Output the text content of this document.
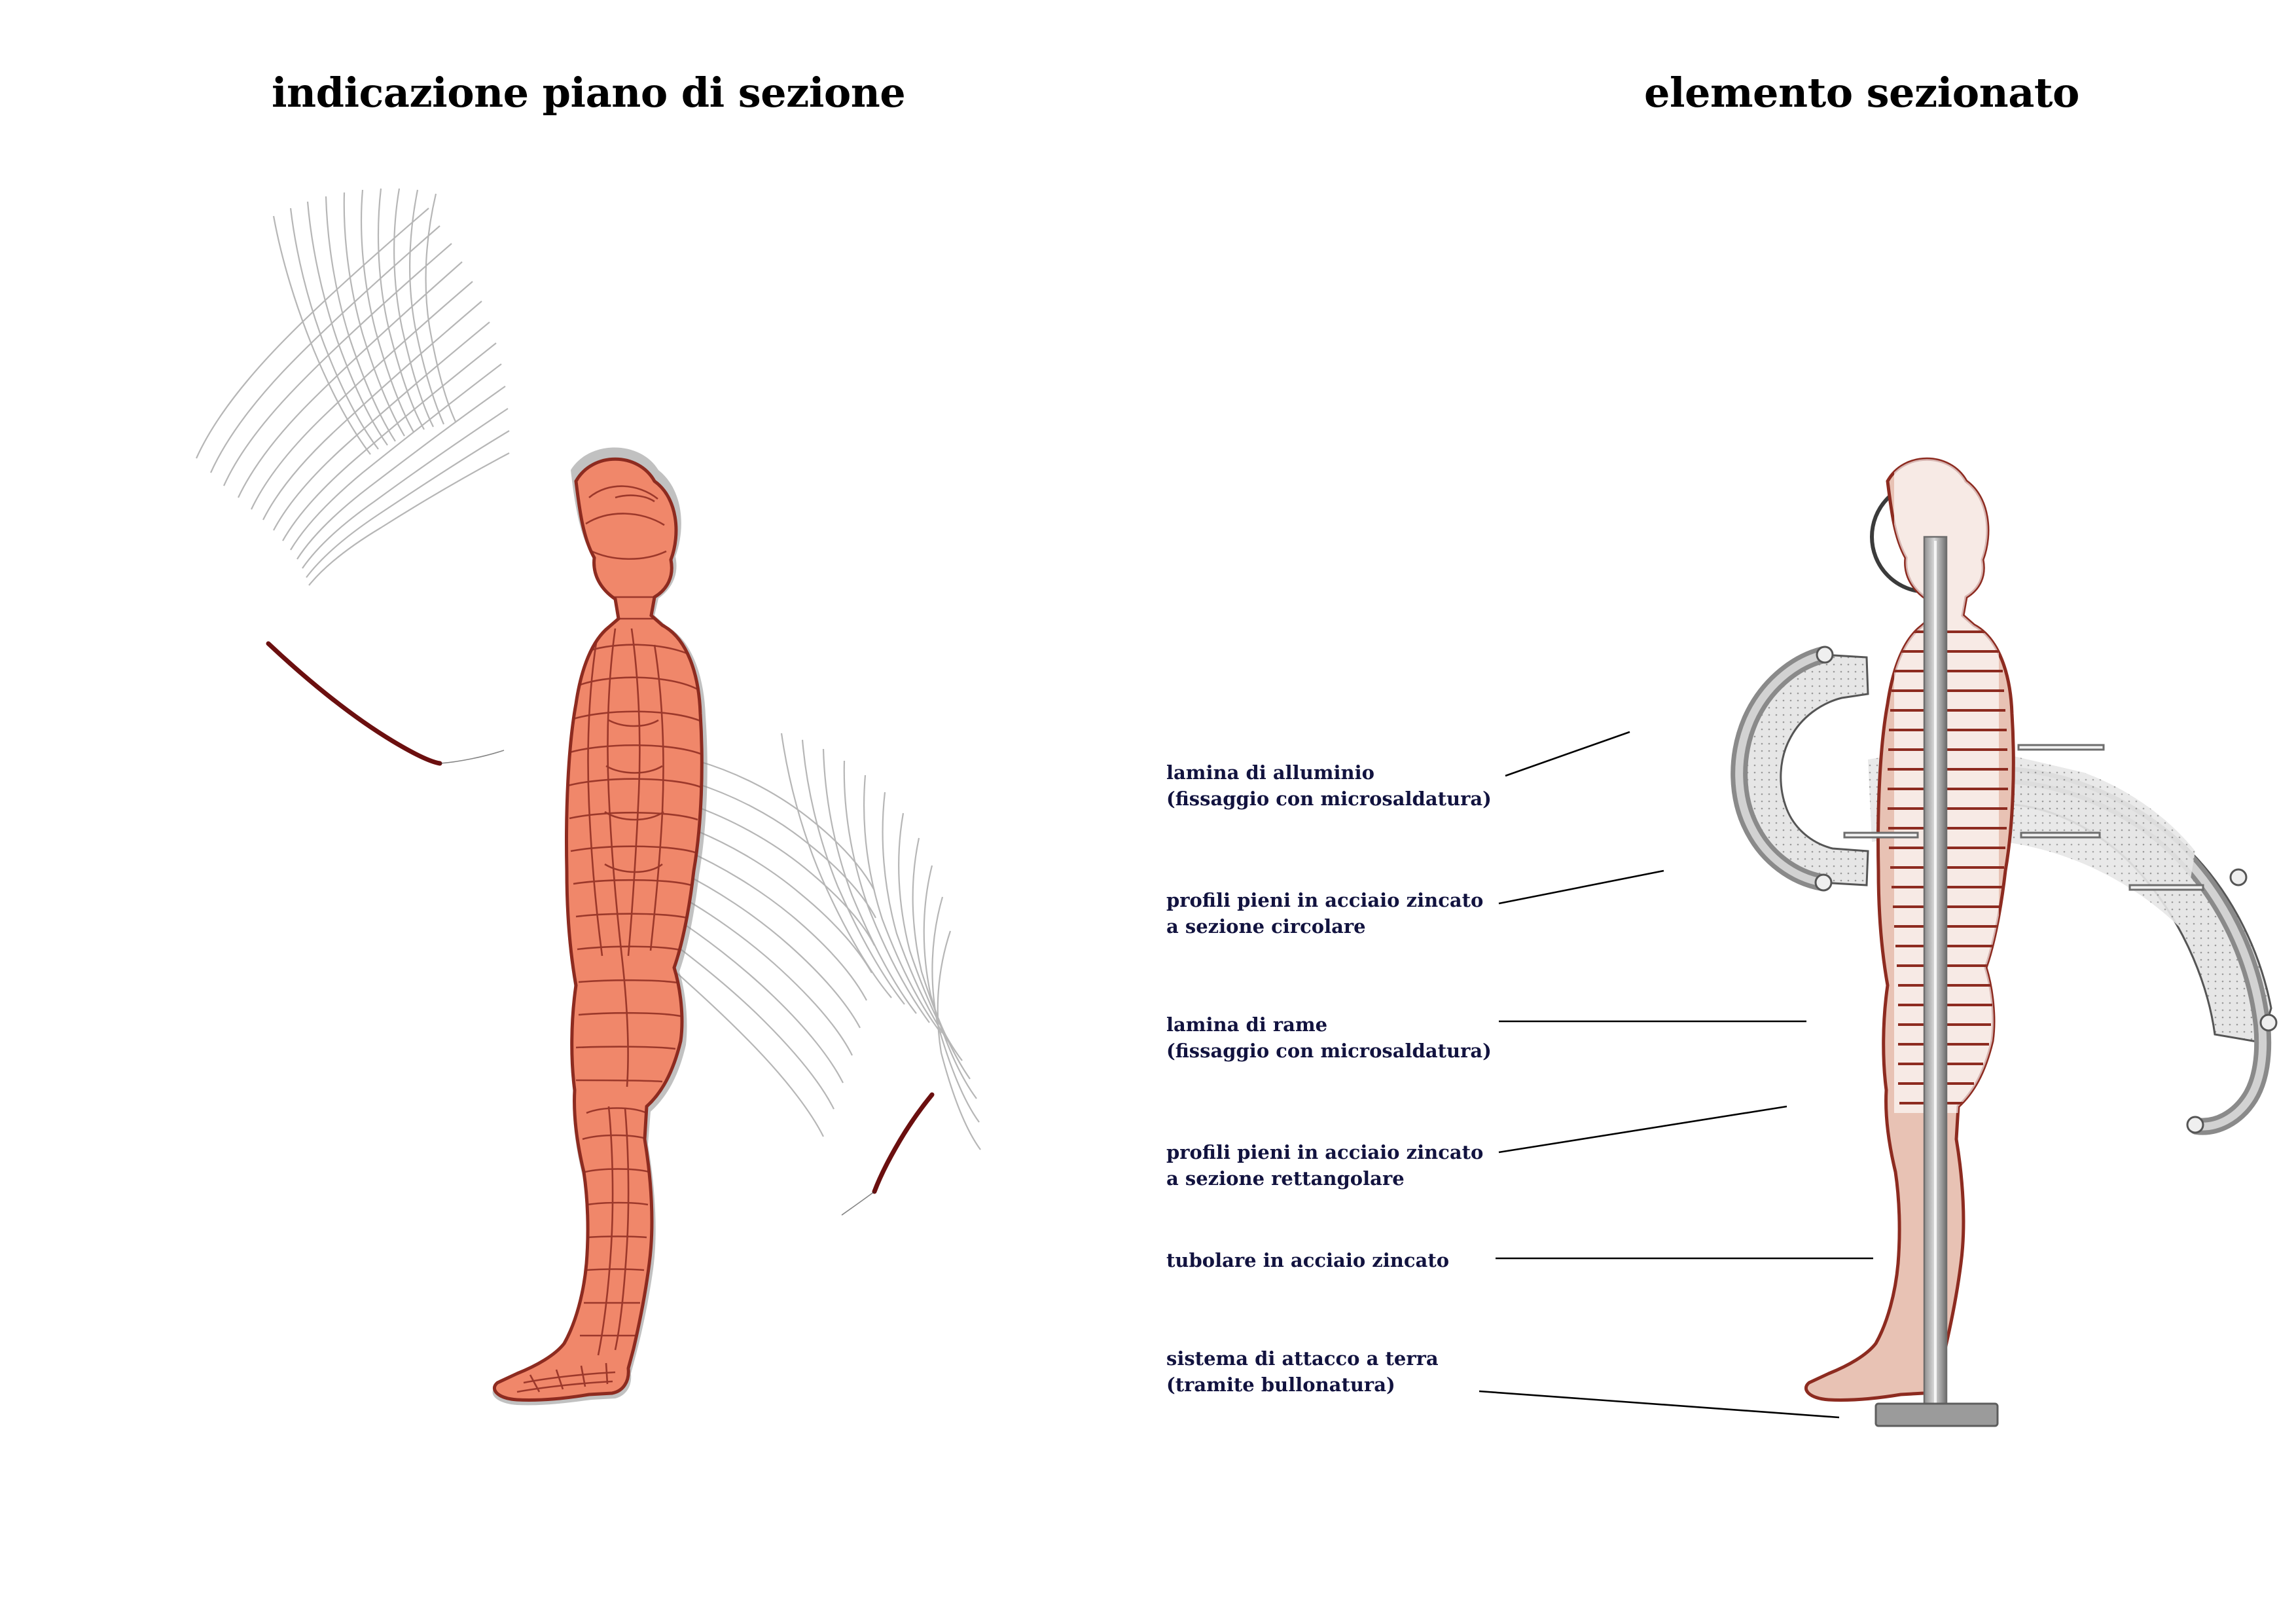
indicazione piano di sezione	elemento sezionato
lamina di alluminio
(fissaggio con microsaldatura)
profili pieni in acciaio zincato
a sezione circolare
lamina di rame
(fissaggio con microsaldatura)
profili pieni in acciaio zincato
a sezione rettangolare
tubolare in acciaio zincato
sistema di attacco a terra
(tramite bullonatura)
